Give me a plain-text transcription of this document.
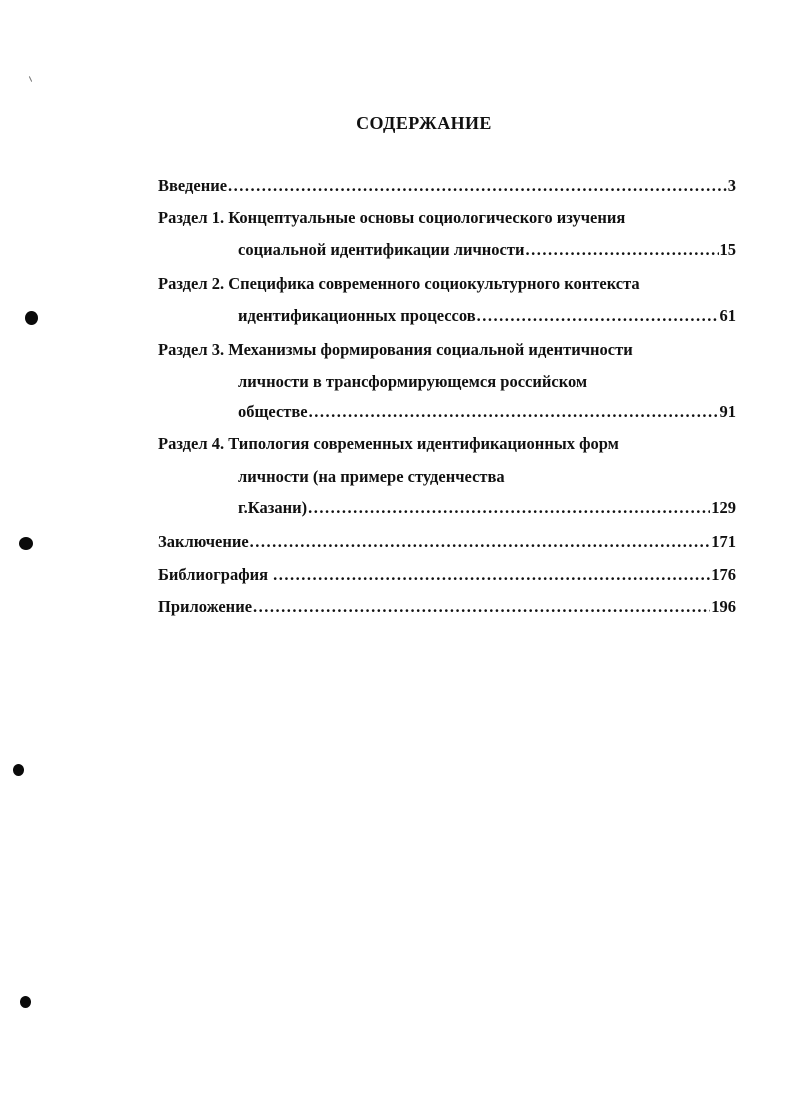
СОДЕРЖАНИЕ
Введение .....	3
Раздел 1. Концептуальные основы социологического изучения
социальной идентификации личности .....	15
Раздел 2. Специфика современного социокультурного контекста
идентификационных процессов .....	61
Раздел 3. Механизмы формирования социальной идентичности
личности в трансформирующемся российском
обществе .....	91
Раздел 4. Типология современных идентификационных форм
личности (на примере студенчества
г.Казани) .....	129
Заключение .....	171
Библиография .....	176
Приложение .....	196
